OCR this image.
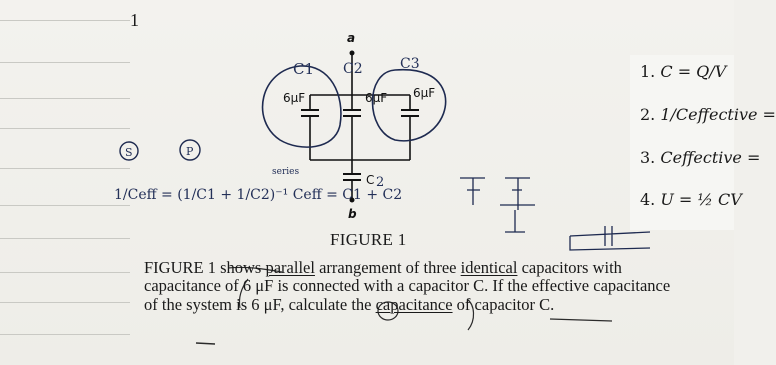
1
a
6μF	6μF 6μF
C
b
C1 C2	C3
series
2
S	P
1/Ceff = (1/C1 + 1/C2)⁻¹ Ceff = C1 + C2
FIGURE 1
FIGURE 1 shows parallel arrangement of three identical capacitors with capacitance of 6 μF is connected with a capacitor C. If the effective capacitance of the system is 6 μF, calculate the capacitance of capacitor C.
1. C = Q/V
2. 1/Ceffective =
3. Ceffective =
4. U = ½ CV
